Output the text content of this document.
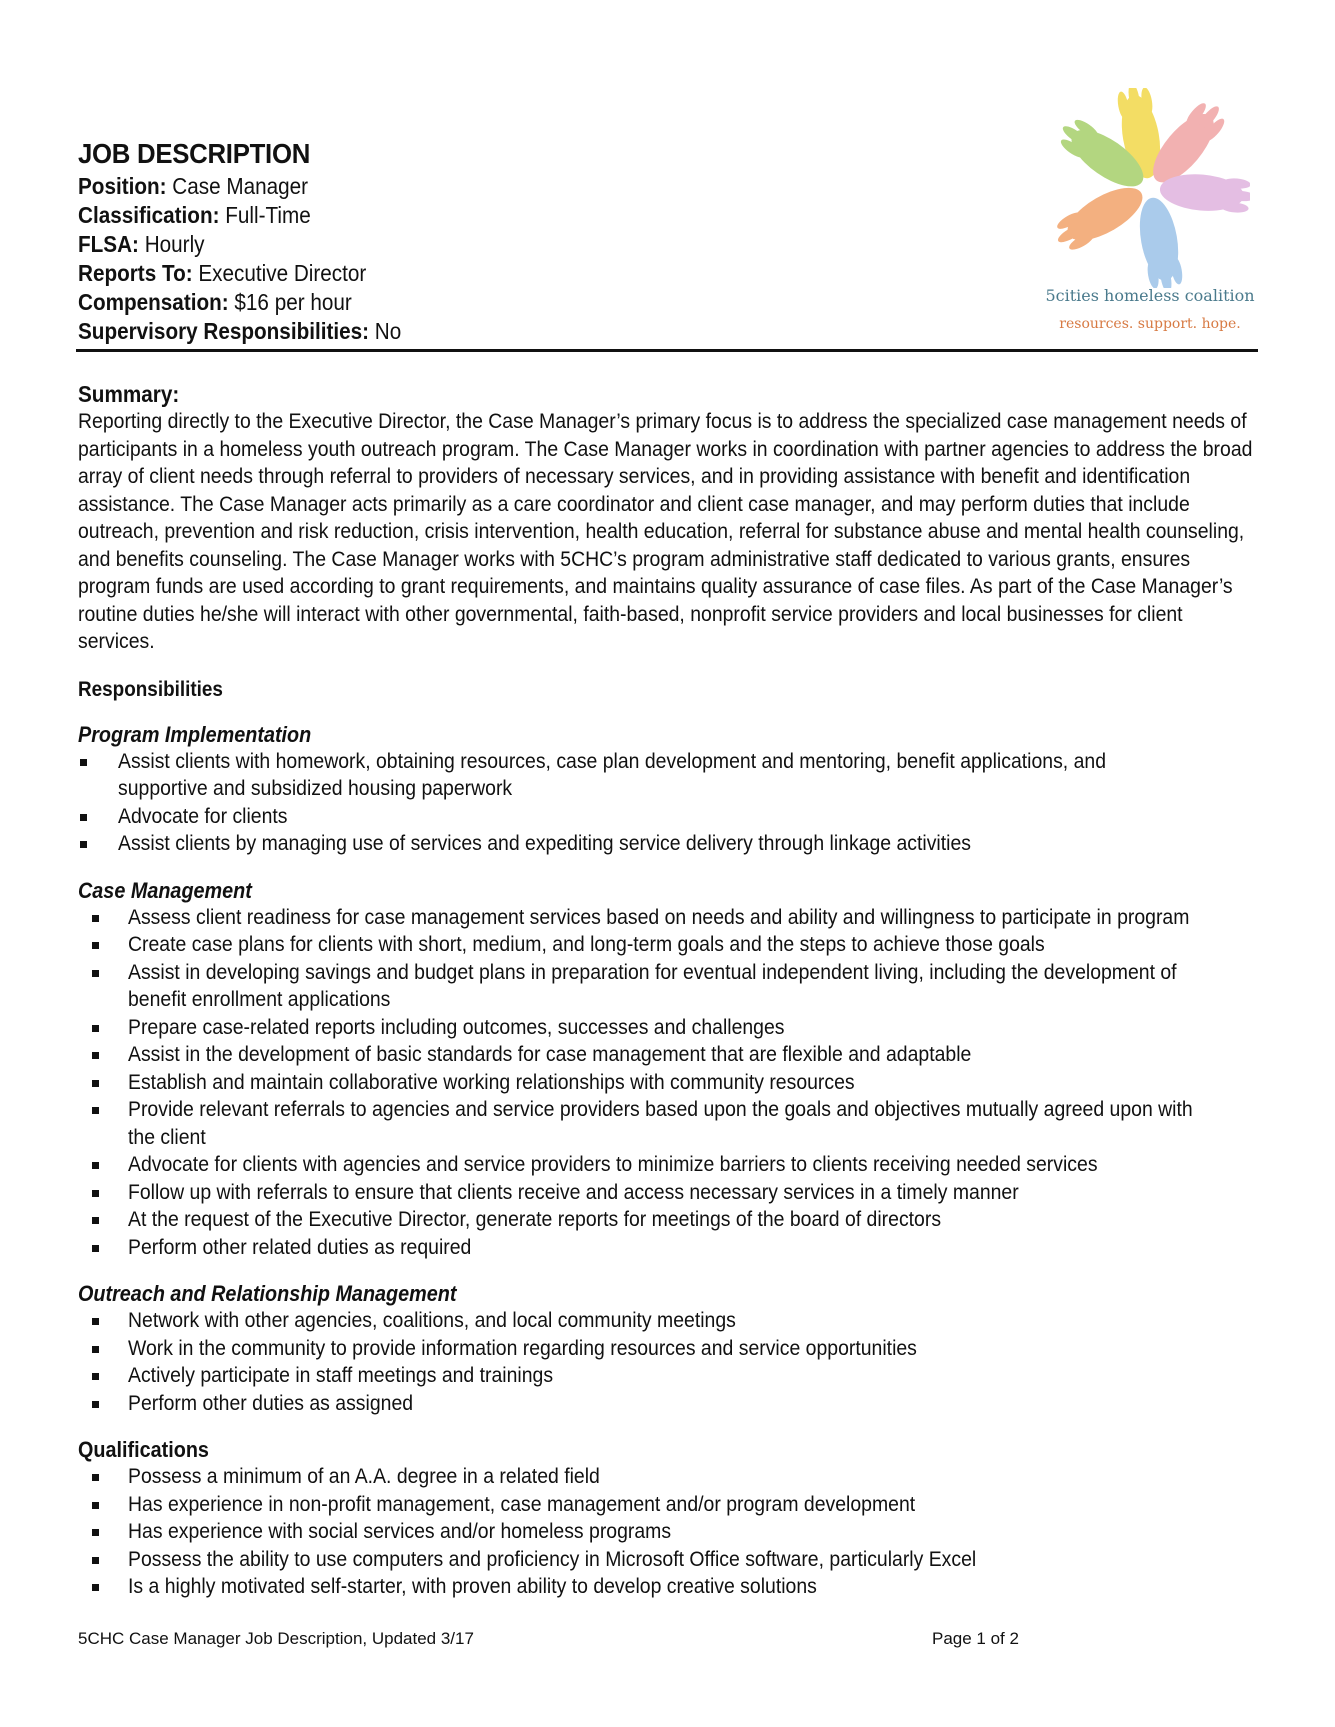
JOB DESCRIPTION
Position: Case Manager
Classification: Full-Time
FLSA: Hourly
Reports To: Executive Director
Compensation: $16 per hour
Supervisory Responsibilities: No
5cities homeless coalition
resources. support. hope.
Summary:

Reporting directly to the Executive Director, the Case Manager’s primary focus is to address the specialized case management needs of participants in a homeless youth outreach program. The Case Manager works in coordination with partner agencies to address the broad array of client needs through referral to providers of necessary services, and in providing assistance with benefit and identification assistance. The Case Manager acts primarily as a care coordinator and client case manager, and may perform duties that include outreach, prevention and risk reduction, crisis intervention, health education, referral for substance abuse and mental health counseling, and benefits counseling. The Case Manager works with 5CHC’s program administrative staff dedicated to various grants, ensures program funds are used according to grant requirements, and maintains quality assurance of case files. As part of the Case Manager’s routine duties he/she will interact with other governmental, faith-based, nonprofit service providers and local businesses for client services.

Responsibilities
Program Implementation
Assist clients with homework, obtaining resources, case plan development and mentoring, benefit applications, and supportive and subsidized housing paperwork
Advocate for clients
Assist clients by managing use of services and expediting service delivery through linkage activities
Case Management
Assess client readiness for case management services based on needs and ability and willingness to participate in program
Create case plans for clients with short, medium, and long-term goals and the steps to achieve those goals
Assist in developing savings and budget plans in preparation for eventual independent living, including the development of benefit enrollment applications
Prepare case-related reports including outcomes, successes and challenges
Assist in the development of basic standards for case management that are flexible and adaptable
Establish and maintain collaborative working relationships with community resources
Provide relevant referrals to agencies and service providers based upon the goals and objectives mutually agreed upon with the client
Advocate for clients with agencies and service providers to minimize barriers to clients receiving needed services
Follow up with referrals to ensure that clients receive and access necessary services in a timely manner
At the request of the Executive Director, generate reports for meetings of the board of directors
Perform other related duties as required
Outreach and Relationship Management
Network with other agencies, coalitions, and local community meetings
Work in the community to provide information regarding resources and service opportunities
Actively participate in staff meetings and trainings
Perform other duties as assigned
Qualifications
Possess a minimum of an A.A. degree in a related field
Has experience in non-profit management, case management and/or program development
Has experience with social services and/or homeless programs
Possess the ability to use computers and proficiency in Microsoft Office software, particularly Excel
Is a highly motivated self-starter, with proven ability to develop creative solutions
5CHC Case Manager Job Description, Updated 3/17	Page 1 of 2
